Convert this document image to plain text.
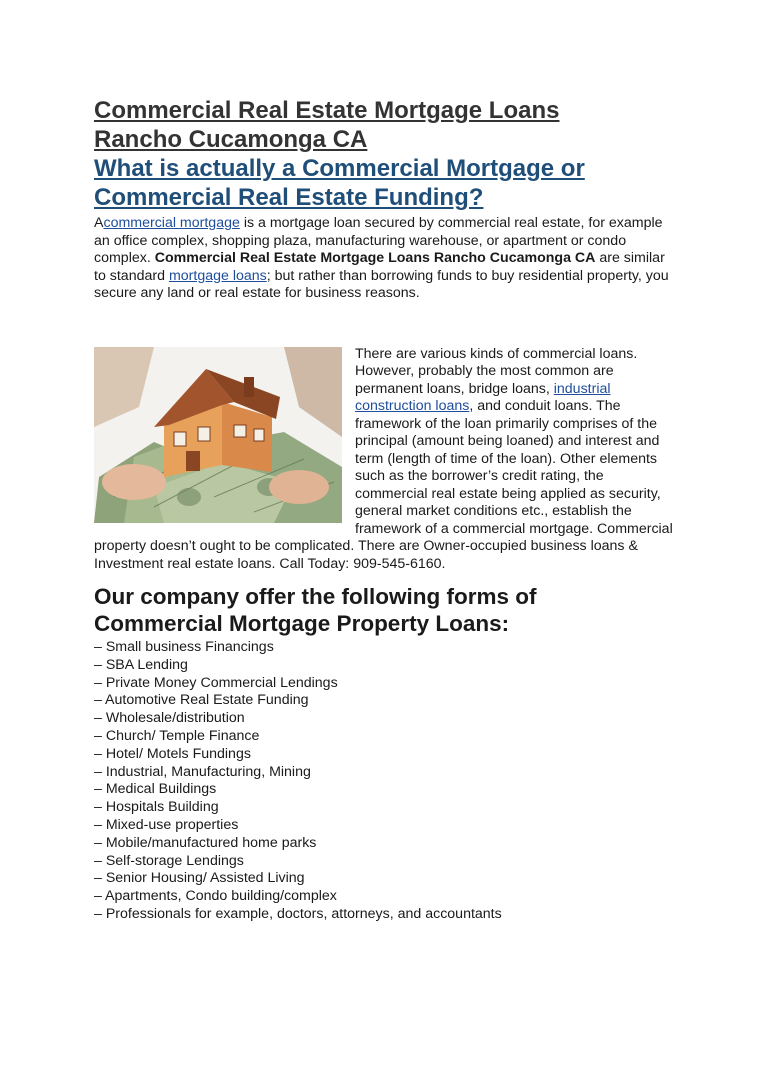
Commercial Real Estate Mortgage Loans
Rancho Cucamonga CA
What is actually a Commercial Mortgage or
Commercial Real Estate Funding?

Acommercial mortgage is a mortgage loan secured by commercial real estate, for example an office complex, shopping plaza, manufacturing warehouse, or apartment or condo complex. Commercial Real Estate Mortgage Loans Rancho Cucamonga CA are similar to standard mortgage loans; but rather than borrowing funds to buy residential property, you secure any land or real estate for business reasons.

There are various kinds of commercial loans. However, probably the most common are permanent loans, bridge loans, industrial construction loans, and conduit loans. The framework of the loan primarily comprises of the principal (amount being loaned) and interest and term (length of time of the loan). Other elements such as the borrower’s credit rating, the commercial real estate being applied as security, general market conditions etc., establish the framework of a commercial mortgage. Commercial property doesn’t ought to be complicated. There are Owner-occupied business loans & Investment real estate loans. Call Today: 909-545-6160.

Our company offer the following forms of
Commercial Mortgage Property Loans:
– Small business Financings
– SBA Lending
– Private Money Commercial Lendings
– Automotive Real Estate Funding
– Wholesale/distribution
– Church/ Temple Finance
– Hotel/ Motels Fundings
– Industrial, Manufacturing, Mining
– Medical Buildings
– Hospitals Building
– Mixed-use properties
– Mobile/manufactured home parks
– Self-storage Lendings
– Senior Housing/ Assisted Living
– Apartments, Condo building/complex
– Professionals for example, doctors, attorneys, and accountants
